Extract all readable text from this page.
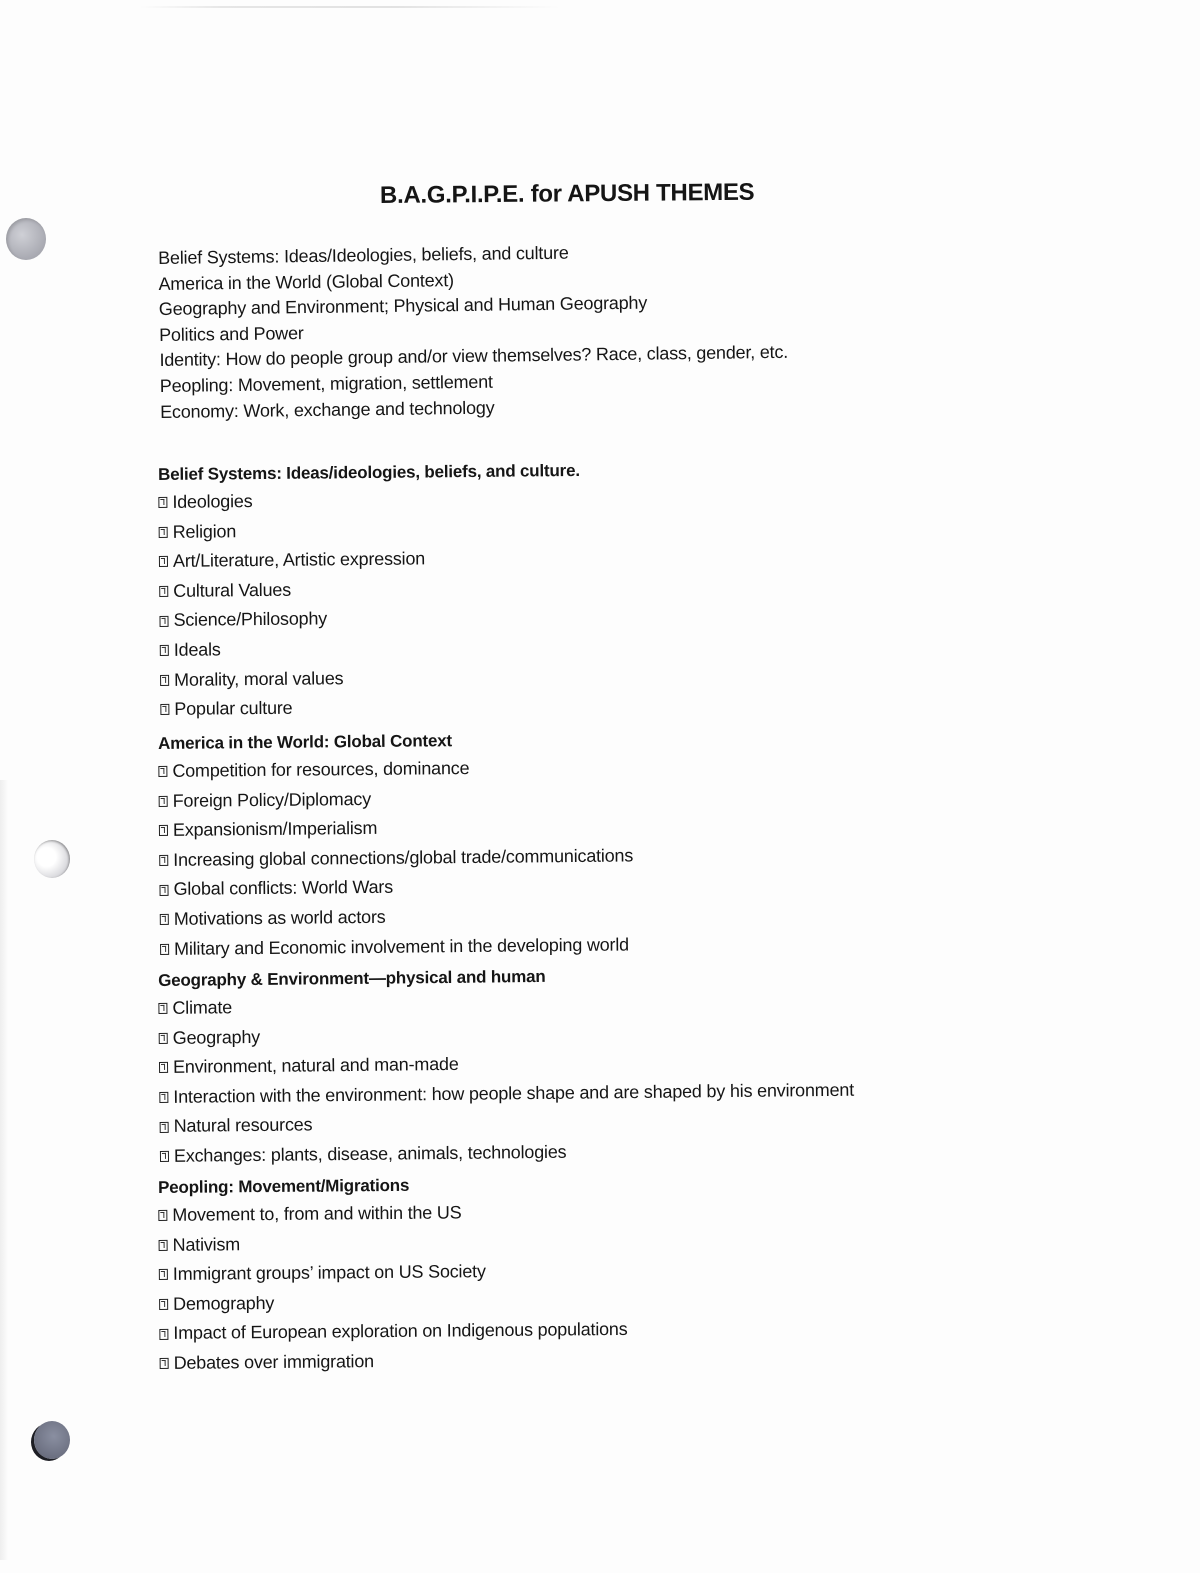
B.A.G.P.I.P.E. for APUSH THEMES
Belief Systems: Ideas/Ideologies, beliefs, and culture
America in the World (Global Context)
Geography and Environment; Physical and Human Geography
Politics and Power
Identity: How do people group and/or view themselves? Race, class, gender, etc.
Peopling: Movement, migration, settlement
Economy: Work, exchange and technology
Belief Systems: Ideas/ideologies, beliefs, and culture.
Ideologies
Religion
Art/Literature, Artistic expression
Cultural Values
Science/Philosophy
Ideals
Morality, moral values
Popular culture
America in the World: Global Context
Competition for resources, dominance
Foreign Policy/Diplomacy
Expansionism/Imperialism
Increasing global connections/global trade/communications
Global conflicts: World Wars
Motivations as world actors
Military and Economic involvement in the developing world
Geography & Environment—physical and human
Climate
Geography
Environment, natural and man-made
Interaction with the environment: how people shape and are shaped by his environment
Natural resources
Exchanges: plants, disease, animals, technologies
Peopling: Movement/Migrations
Movement to, from and within the US
Nativism
Immigrant groups’ impact on US Society
Demography
Impact of European exploration on Indigenous populations
Debates over immigration
